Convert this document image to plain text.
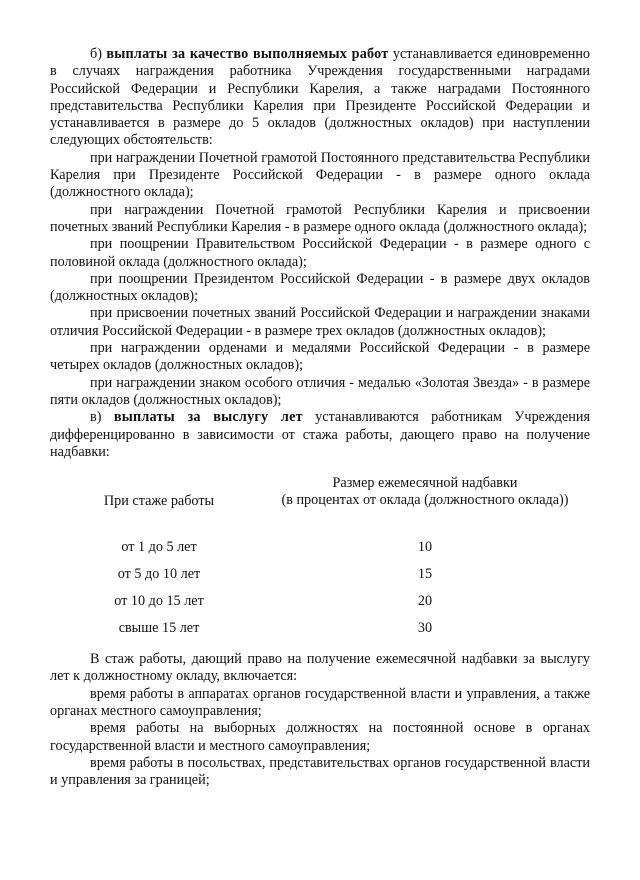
б) выплаты за качество выполняемых работ устанавливается единовременно в случаях награждения работника Учреждения государственными наградами Российской Федерации и Республики Карелия, а также наградами Постоянного представительства Республики Карелия при Президенте Российской Федерации и устанавливается в размере до 5 окладов (должностных окладов) при наступлении следующих обстоятельств:

при награждении Почетной грамотой Постоянного представительства Республики Карелия при Президенте Российской Федерации - в размере одного оклада (должностного оклада);

при награждении Почетной грамотой Республики Карелия и присвоении почетных званий Республики Карелия - в размере одного оклада (должностного оклада);

при поощрении Правительством Российской Федерации - в размере одного с половиной оклада (должностного оклада);

при поощрении Президентом Российской Федерации - в размере двух окладов (должностных окладов);

при присвоении почетных званий Российской Федерации и награждении знаками отличия Российской Федерации - в размере трех окладов (должностных окладов);

при награждении орденами и медалями Российской Федерации - в размере четырех окладов (должностных окладов);

при награждении знаком особого отличия - медалью «Золотая Звезда» - в размере пяти окладов (должностных окладов);

в) выплаты за выслугу лет устанавливаются работникам Учреждения дифференцированно в зависимости от стажа работы, дающего право на получение надбавки:

При стаже работы
Размер ежемесячной надбавки
(в процентах от оклада (должностного оклада))
от 1 до 5 лет	10
от 5 до 10 лет	15
от 10 до 15 лет	20
свыше 15 лет	30

В стаж работы, дающий право на получение ежемесячной надбавки за выслугу лет к должностному окладу, включается:

время работы в аппаратах органов государственной власти и управления, а также органах местного самоуправления;

время работы на выборных должностях на постоянной основе в органах государственной власти и местного самоуправления;

время работы в посольствах, представительствах органов государственной власти и управления за границей;
